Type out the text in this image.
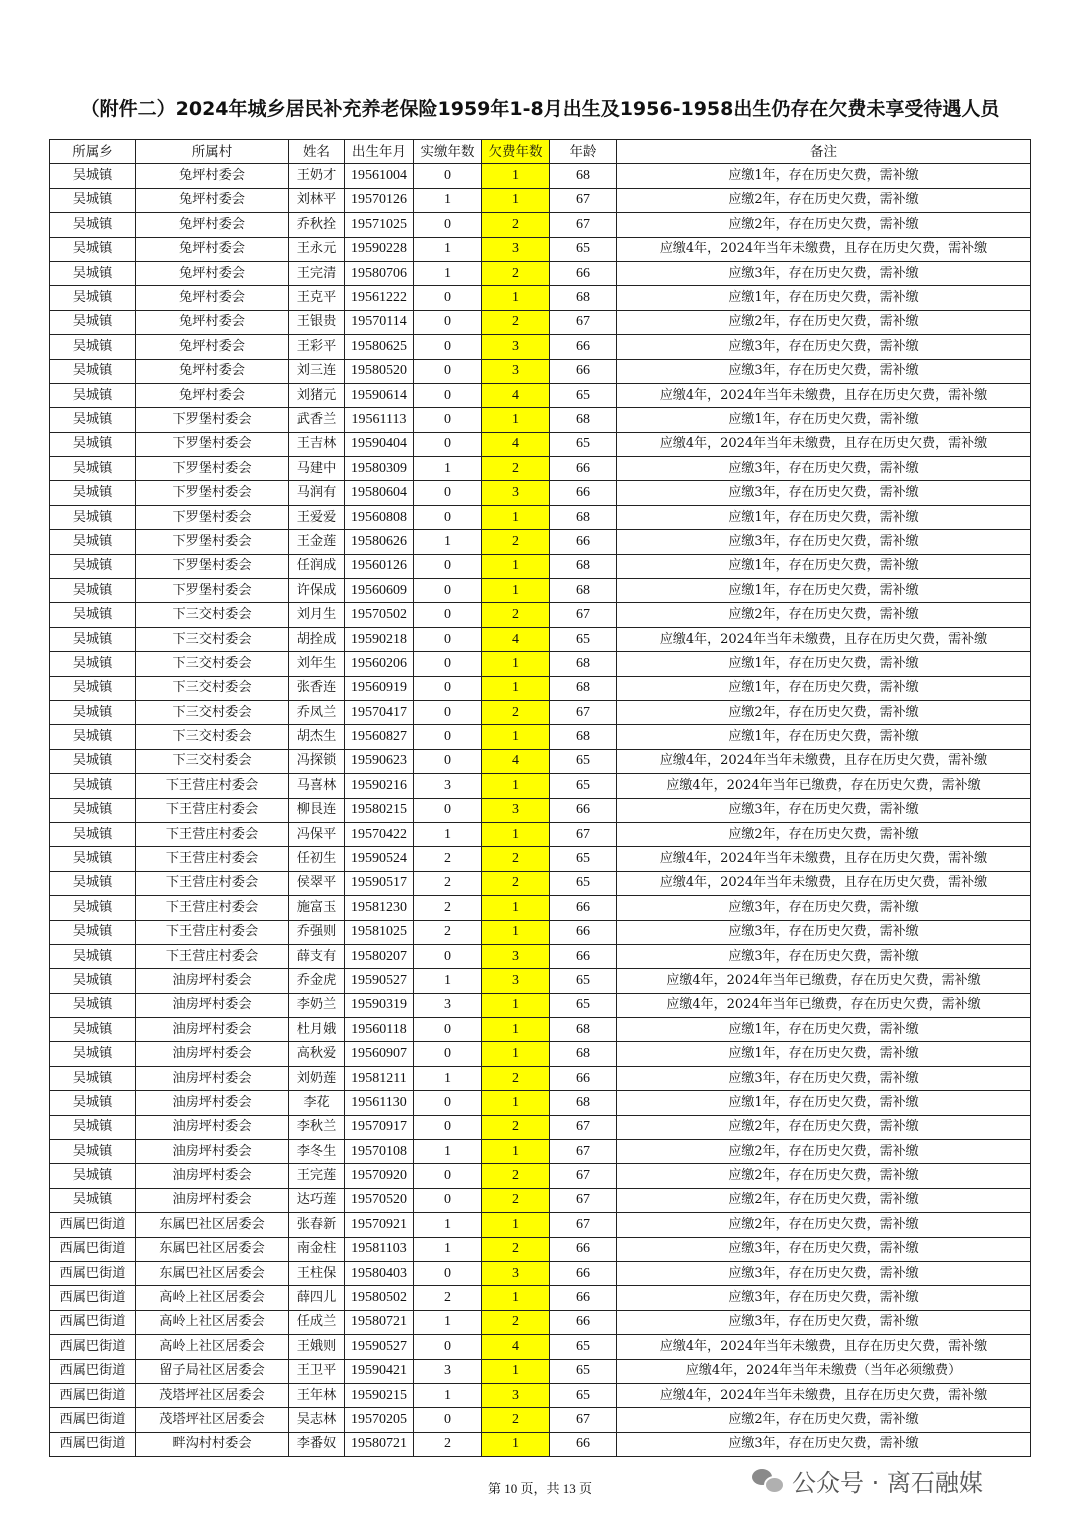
（附件二）2024年城乡居民补充养老保险1959年1-8月出生及1956-1958出生仍存在欠费未享受待遇人员
所属乡	所属村	姓名	出生年月	实缴年数	欠费年数	年龄	备注
吴城镇	兔坪村委会	王奶才	19561004	0	1	68	应缴1年，存在历史欠费，需补缴
吴城镇	兔坪村委会	刘林平	19570126	1	1	67	应缴2年，存在历史欠费，需补缴
吴城镇	兔坪村委会	乔秋拴	19571025	0	2	67	应缴2年，存在历史欠费，需补缴
吴城镇	兔坪村委会	王永元	19590228	1	3	65	应缴4年，2024年当年未缴费，且存在历史欠费，需补缴
吴城镇	兔坪村委会	王完清	19580706	1	2	66	应缴3年，存在历史欠费，需补缴
吴城镇	兔坪村委会	王克平	19561222	0	1	68	应缴1年，存在历史欠费，需补缴
吴城镇	兔坪村委会	王银贵	19570114	0	2	67	应缴2年，存在历史欠费，需补缴
吴城镇	兔坪村委会	王彩平	19580625	0	3	66	应缴3年，存在历史欠费，需补缴
吴城镇	兔坪村委会	刘三连	19580520	0	3	66	应缴3年，存在历史欠费，需补缴
吴城镇	兔坪村委会	刘猪元	19590614	0	4	65	应缴4年，2024年当年未缴费，且存在历史欠费，需补缴
吴城镇	下罗堡村委会	武香兰	19561113	0	1	68	应缴1年，存在历史欠费，需补缴
吴城镇	下罗堡村委会	王吉林	19590404	0	4	65	应缴4年，2024年当年未缴费，且存在历史欠费，需补缴
吴城镇	下罗堡村委会	马建中	19580309	1	2	66	应缴3年，存在历史欠费，需补缴
吴城镇	下罗堡村委会	马润有	19580604	0	3	66	应缴3年，存在历史欠费，需补缴
吴城镇	下罗堡村委会	王爱爱	19560808	0	1	68	应缴1年，存在历史欠费，需补缴
吴城镇	下罗堡村委会	王金莲	19580626	1	2	66	应缴3年，存在历史欠费，需补缴
吴城镇	下罗堡村委会	任润成	19560126	0	1	68	应缴1年，存在历史欠费，需补缴
吴城镇	下罗堡村委会	许保成	19560609	0	1	68	应缴1年，存在历史欠费，需补缴
吴城镇	下三交村委会	刘月生	19570502	0	2	67	应缴2年，存在历史欠费，需补缴
吴城镇	下三交村委会	胡拴成	19590218	0	4	65	应缴4年，2024年当年未缴费，且存在历史欠费，需补缴
吴城镇	下三交村委会	刘年生	19560206	0	1	68	应缴1年，存在历史欠费，需补缴
吴城镇	下三交村委会	张香连	19560919	0	1	68	应缴1年，存在历史欠费，需补缴
吴城镇	下三交村委会	乔凤兰	19570417	0	2	67	应缴2年，存在历史欠费，需补缴
吴城镇	下三交村委会	胡杰生	19560827	0	1	68	应缴1年，存在历史欠费，需补缴
吴城镇	下三交村委会	冯探锁	19590623	0	4	65	应缴4年，2024年当年未缴费，且存在历史欠费，需补缴
吴城镇	下王营庄村委会	马喜林	19590216	3	1	65	应缴4年，2024年当年已缴费，存在历史欠费，需补缴
吴城镇	下王营庄村委会	柳艮连	19580215	0	3	66	应缴3年，存在历史欠费，需补缴
吴城镇	下王营庄村委会	冯保平	19570422	1	1	67	应缴2年，存在历史欠费，需补缴
吴城镇	下王营庄村委会	任初生	19590524	2	2	65	应缴4年，2024年当年未缴费，且存在历史欠费，需补缴
吴城镇	下王营庄村委会	侯翠平	19590517	2	2	65	应缴4年，2024年当年未缴费，且存在历史欠费，需补缴
吴城镇	下王营庄村委会	施富玉	19581230	2	1	66	应缴3年，存在历史欠费，需补缴
吴城镇	下王营庄村委会	乔强则	19581025	2	1	66	应缴3年，存在历史欠费，需补缴
吴城镇	下王营庄村委会	薛支有	19580207	0	3	66	应缴3年，存在历史欠费，需补缴
吴城镇	油房坪村委会	乔金虎	19590527	1	3	65	应缴4年，2024年当年已缴费，存在历史欠费，需补缴
吴城镇	油房坪村委会	李奶兰	19590319	3	1	65	应缴4年，2024年当年已缴费，存在历史欠费，需补缴
吴城镇	油房坪村委会	杜月娥	19560118	0	1	68	应缴1年，存在历史欠费，需补缴
吴城镇	油房坪村委会	高秋爱	19560907	0	1	68	应缴1年，存在历史欠费，需补缴
吴城镇	油房坪村委会	刘奶莲	19581211	1	2	66	应缴3年，存在历史欠费，需补缴
吴城镇	油房坪村委会	李花	19561130	0	1	68	应缴1年，存在历史欠费，需补缴
吴城镇	油房坪村委会	李秋兰	19570917	0	2	67	应缴2年，存在历史欠费，需补缴
吴城镇	油房坪村委会	李冬生	19570108	1	1	67	应缴2年，存在历史欠费，需补缴
吴城镇	油房坪村委会	王完莲	19570920	0	2	67	应缴2年，存在历史欠费，需补缴
吴城镇	油房坪村委会	达巧莲	19570520	0	2	67	应缴2年，存在历史欠费，需补缴
西属巴街道	东属巴社区居委会	张春新	19570921	1	1	67	应缴2年，存在历史欠费，需补缴
西属巴街道	东属巴社区居委会	南金柱	19581103	1	2	66	应缴3年，存在历史欠费，需补缴
西属巴街道	东属巴社区居委会	王柱保	19580403	0	3	66	应缴3年，存在历史欠费，需补缴
西属巴街道	高岭上社区居委会	薛四儿	19580502	2	1	66	应缴3年，存在历史欠费，需补缴
西属巴街道	高岭上社区居委会	任成兰	19580721	1	2	66	应缴3年，存在历史欠费，需补缴
西属巴街道	高岭上社区居委会	王娥则	19590527	0	4	65	应缴4年，2024年当年未缴费，且存在历史欠费，需补缴
西属巴街道	留子局社区居委会	王卫平	19590421	3	1	65	应缴4年，2024年当年未缴费（当年必须缴费）
西属巴街道	茂塔坪社区居委会	王年林	19590215	1	3	65	应缴4年，2024年当年未缴费，且存在历史欠费，需补缴
西属巴街道	茂塔坪社区居委会	吴志林	19570205	0	2	67	应缴2年，存在历史欠费，需补缴
西属巴街道	畔沟村村委会	李番奴	19580721	2	1	66	应缴3年，存在历史欠费，需补缴
第 10 页，共 13 页	公众号 · 离石融媒
